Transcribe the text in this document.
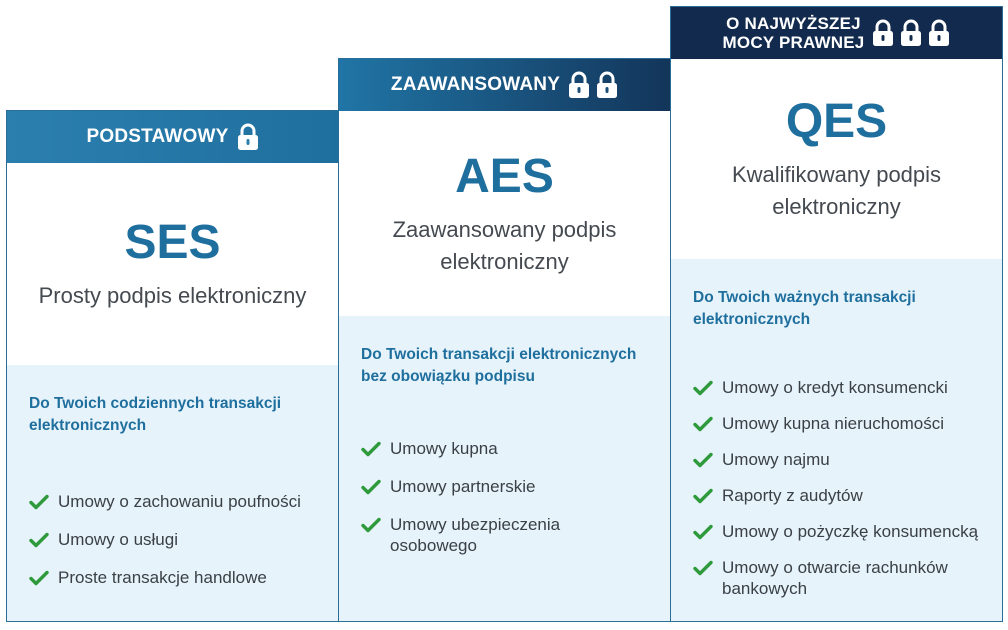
PODSTAWOWY
SES
Prosty podpis elektroniczny
Do Twoich codziennych transakcji elektronicznych
Umowy o zachowaniu poufności
Umowy o usługi
Proste transakcje handlowe
ZAAWANSOWANY
AES
Zaawansowany podpis elektroniczny
Do Twoich transakcji elektronicznych bez obowiązku podpisu
Umowy kupna
Umowy partnerskie
Umowy ubezpieczenia osobowego
O NAJWYŻSZEJ
MOCY PRAWNEJ
QES
Kwalifikowany podpis elektroniczny
Do Twoich ważnych transakcji elektronicznych
Umowy o kredyt konsumencki
Umowy kupna nieruchomości
Umowy najmu
Raporty z audytów
Umowy o pożyczkę konsumencką
Umowy o otwarcie rachunków bankowych
